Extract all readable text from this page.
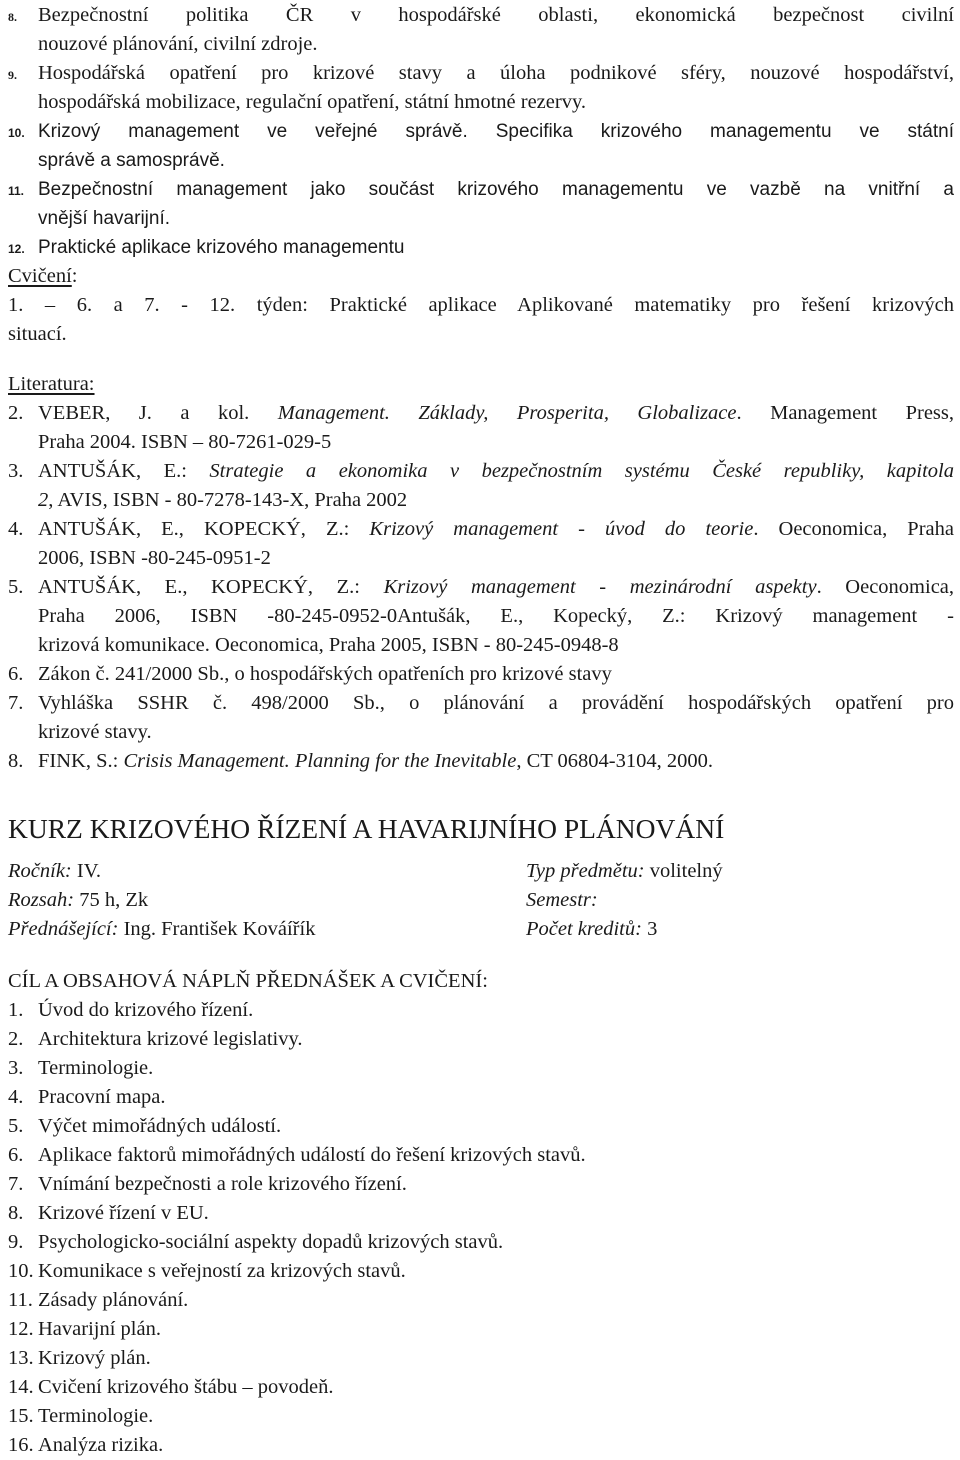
8. Bezpečnostní politika ČR v hospodářské oblasti, ekonomická bezpečnost civilní
nouzové plánování, civilní zdroje.
9. Hospodářská opatření pro krizové stavy a úloha podnikové sféry, nouzové hospodářství,
hospodářská mobilizace, regulační opatření, státní hmotné rezervy.
10. Krizový management ve veřejné správě. Specifika krizového managementu ve státní
správě a samosprávě.
11. Bezpečnostní management jako součást krizového managementu ve vazbě na vnitřní a
vnější havarijní.
12. Praktické aplikace krizového managementu
Cvičení:
1. – 6. a 7. - 12. týden: Praktické aplikace Aplikované matematiky pro řešení krizových
situací.
Literatura:
2. VEBER, J. a kol. Management. Základy, Prosperita, Globalizace. Management Press,
Praha 2004. ISBN – 80-7261-029-5
3. ANTUŠÁK, E.: Strategie a ekonomika v bezpečnostním systému České republiky, kapitola
2, AVIS, ISBN - 80-7278-143-X, Praha 2002
4. ANTUŠÁK, E., KOPECKÝ, Z.: Krizový management - úvod do teorie. Oeconomica, Praha
2006, ISBN -80-245-0951-2
5. ANTUŠÁK, E., KOPECKÝ, Z.: Krizový management - mezinárodní aspekty. Oeconomica,
Praha 2006, ISBN -80-245-0952-0Antušák, E., Kopecký, Z.: Krizový management -
krizová komunikace. Oeconomica, Praha 2005, ISBN - 80-245-0948-8
6. Zákon č. 241/2000 Sb., o hospodářských opatřeních pro krizové stavy
7. Vyhláška SSHR č. 498/2000 Sb., o plánování a provádění hospodářských opatření pro
krizové stavy.
8. FINK, S.: Crisis Management. Planning for the Inevitable, CT 06804-3104, 2000.
KURZ KRIZOVÉHO ŘÍZENÍ A HAVARIJNÍHO PLÁNOVÁNÍ
Ročník: IV.	Typ předmětu: volitelný
Rozsah: 75 h, Zk	Semestr:
Přednášející: Ing. František Kováířík	Počet kreditů: 3
CÍL A OBSAHOVÁ NÁPLŇ PŘEDNÁŠEK A CVIČENÍ:
1. Úvod do krizového řízení.
2. Architektura krizové legislativy.
3. Terminologie.
4. Pracovní mapa.
5. Výčet mimořádných událostí.
6. Aplikace faktorů mimořádných událostí do řešení krizových stavů.
7. Vnímání bezpečnosti a role krizového řízení.
8. Krizové řízení v EU.
9. Psychologicko-sociální aspekty dopadů krizových stavů.
10. Komunikace s veřejností za krizových stavů.
11. Zásady plánování.
12. Havarijní plán.
13. Krizový plán.
14. Cvičení krizového štábu – povodeň.
15. Terminologie.
16. Analýza rizika.
